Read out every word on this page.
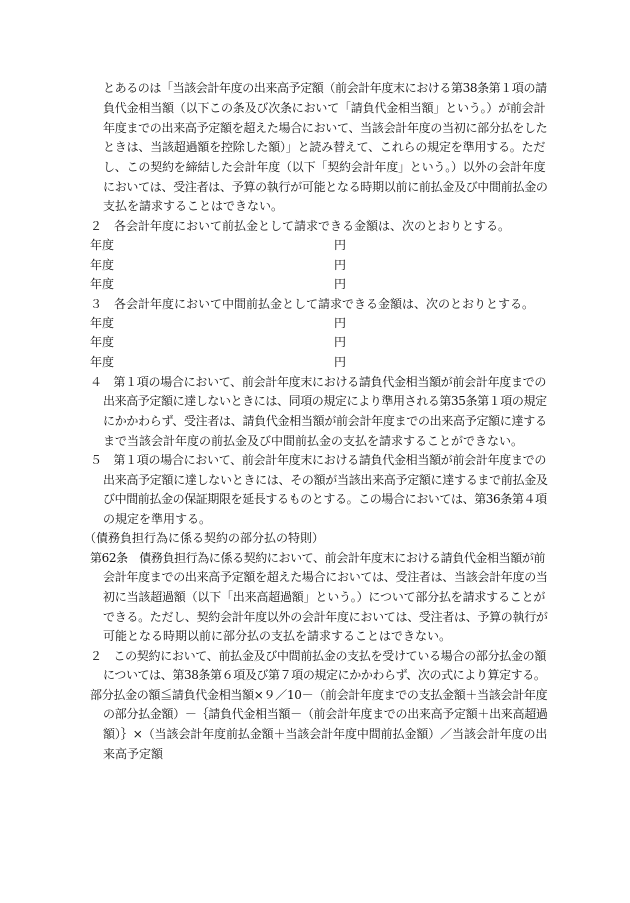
とあるのは「当該会計年度の出来高予定額（前会計年度末における第38条第１項の請
負代金相当額（以下この条及び次条において「請負代金相当額」という。）が前会計
年度までの出来高予定額を超えた場合において、当該会計年度の当初に部分払をした
ときは、当該超過額を控除した額）」と読み替えて、これらの規定を準用する。ただ
し、この契約を締結した会計年度（以下「契約会計年度」という。）以外の会計年度
においては、受注者は、予算の執行が可能となる時期以前に前払金及び中間前払金の
支払を請求することはできない。
２　各会計年度において前払金として請求できる金額は、次のとおりとする。
年度	円
年度	円
年度	円
３　各会計年度において中間前払金として請求できる金額は、次のとおりとする。
年度	円
年度	円
年度	円
４　第１項の場合において、前会計年度末における請負代金相当額が前会計年度までの
出来高予定額に達しないときには、同項の規定により準用される第35条第１項の規定
にかかわらず、受注者は、請負代金相当額が前会計年度までの出来高予定額に達する
まで当該会計年度の前払金及び中間前払金の支払を請求することができない。
５　第１項の場合において、前会計年度末における請負代金相当額が前会計年度までの
出来高予定額に達しないときには、その額が当該出来高予定額に達するまで前払金及
び中間前払金の保証期限を延長するものとする。この場合においては、第36条第４項
の規定を準用する。
（債務負担行為に係る契約の部分払の特則）
第62条　債務負担行為に係る契約において、前会計年度末における請負代金相当額が前
会計年度までの出来高予定額を超えた場合においては、受注者は、当該会計年度の当
初に当該超過額（以下「出来高超過額」という。）について部分払を請求することが
できる。ただし、契約会計年度以外の会計年度においては、受注者は、予算の執行が
可能となる時期以前に部分払の支払を請求することはできない。
２　この契約において、前払金及び中間前払金の支払を受けている場合の部分払金の額
については、第38条第６項及び第７項の規定にかかわらず、次の式により算定する。
部分払金の額≦請負代金相当額×９／10－（前会計年度までの支払金額＋当該会計年度
の部分払金額）－｛請負代金相当額－（前会計年度までの出来高予定額＋出来高超過
額）｝×（当該会計年度前払金額＋当該会計年度中間前払金額）／当該会計年度の出
来高予定額
